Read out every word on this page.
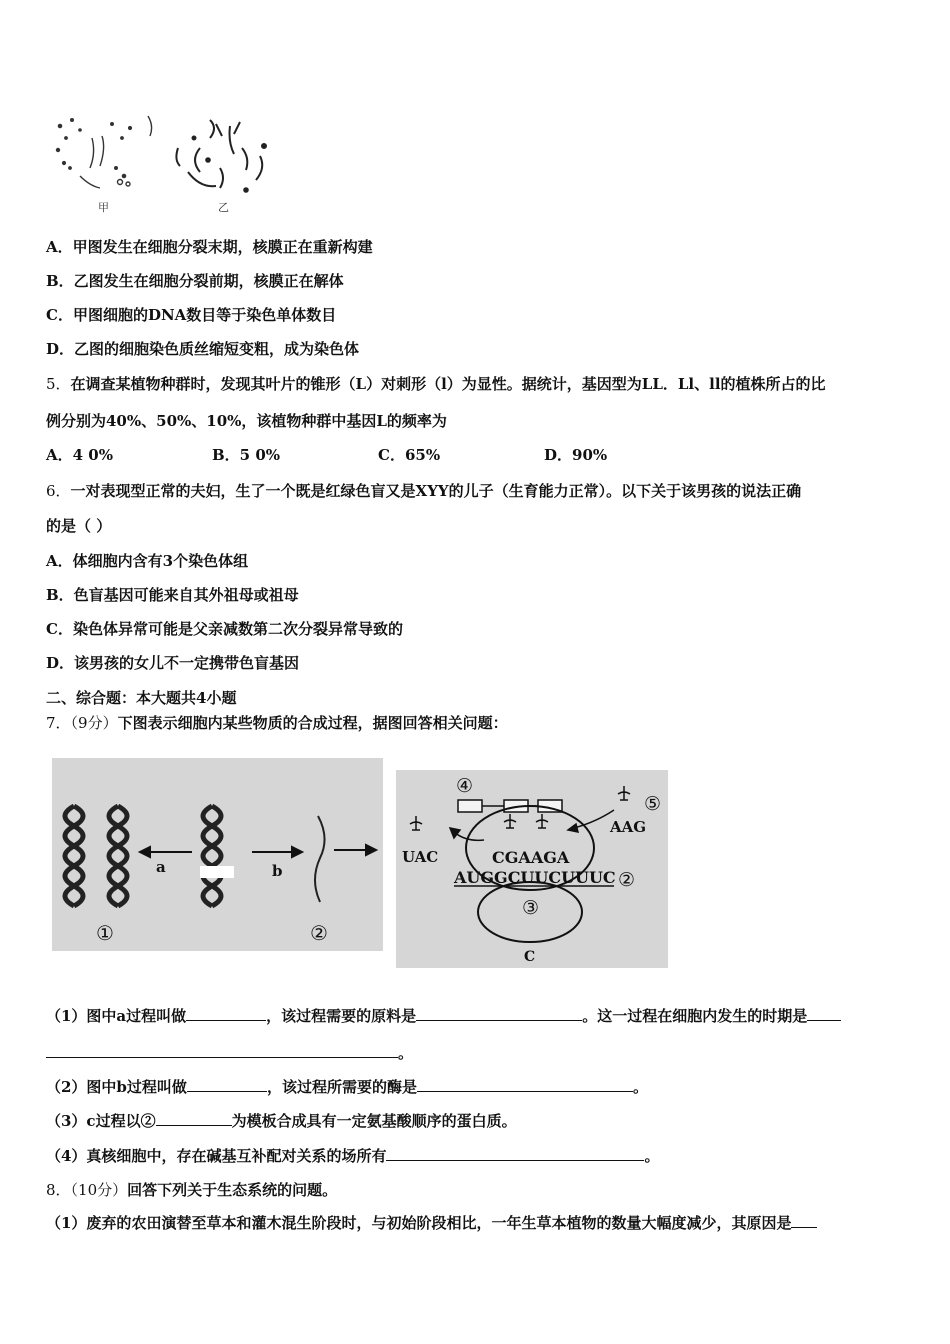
甲	乙
A．甲图发生在细胞分裂末期，核膜正在重新构建
B．乙图发生在细胞分裂前期，核膜正在解体
C．甲图细胞的DNA数目等于染色单体数目
D．乙图的细胞染色质丝缩短变粗，成为染色体
5．在调查某植物种群时，发现其叶片的锥形（L）对刺形（l）为显性。据统计，基因型为LL．Ll、ll的植株所占的比
例分别为40%、50%、10%，该植物种群中基因L的频率为
A．4 0%	B．5 0%	C．65%	D．90%
6．一对表现型正常的夫妇，生了一个既是红绿色盲又是XYY的儿子（生育能力正常）。以下关于该男孩的说法正确
的是（ ）
A．体细胞内含有3个染色体组
B．色盲基因可能来自其外祖母或祖母
C．染色体异常可能是父亲减数第二次分裂异常导致的
D．该男孩的女儿不一定携带色盲基因
二、综合题：本大题共4小题
7．（9分）下图表示细胞内某些物质的合成过程，据图回答相关问题：
a	b
①	②
④
⑤
UAC
AAG
CGAAGA
AUGGCUUCUUUC ②
③
C
（1）图中a过程叫做	，该过程需要的原料是	。这一过程在细胞内发生的时期是
。
（2）图中b过程叫做	，该过程所需要的酶是	。
（3）c过程以②	为模板合成具有一定氨基酸顺序的蛋白质。
（4）真核细胞中，存在碱基互补配对关系的场所有	。
8．（10分）回答下列关于生态系统的问题。
（1）废弃的农田演替至草本和灌木混生阶段时，与初始阶段相比，一年生草本植物的数量大幅度减少，其原因是
